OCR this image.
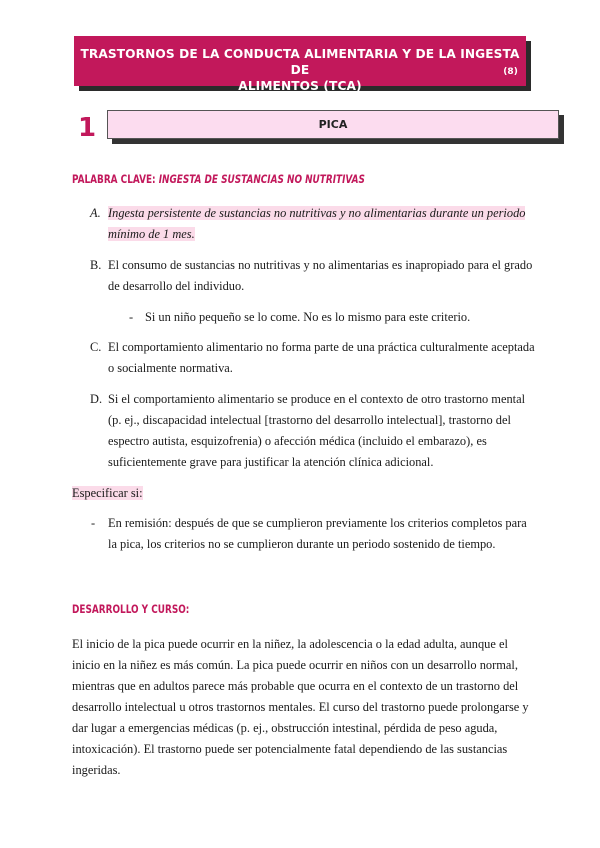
TRASTORNOS DE LA CONDUCTA ALIMENTARIA Y DE LA INGESTA DE
ALIMENTOS (TCA)
(8)
1	PICA
PALABRA CLAVE: INGESTA DE SUSTANCIAS NO NUTRITIVAS
A. Ingesta persistente de sustancias no nutritivas y no alimentarias durante un periodo
mínimo de 1 mes.
B. El consumo de sustancias no nutritivas y no alimentarias es inapropiado para el grado
de desarrollo del individuo.
- Si un niño pequeño se lo come. No es lo mismo para este criterio.
C. El comportamiento alimentario no forma parte de una práctica culturalmente aceptada
o socialmente normativa.
D. Si el comportamiento alimentario se produce en el contexto de otro trastorno mental
(p. ej., discapacidad intelectual [trastorno del desarrollo intelectual], trastorno del
espectro autista, esquizofrenia) o afección médica (incluido el embarazo), es
suficientemente grave para justificar la atención clínica adicional.
Especificar si:
- En remisión: después de que se cumplieron previamente los criterios completos para
la pica, los criterios no se cumplieron durante un periodo sostenido de tiempo.
DESARROLLO Y CURSO:
El inicio de la pica puede ocurrir en la niñez, la adolescencia o la edad adulta, aunque el
inicio en la niñez es más común. La pica puede ocurrir en niños con un desarrollo normal,
mientras que en adultos parece más probable que ocurra en el contexto de un trastorno del
desarrollo intelectual u otros trastornos mentales. El curso del trastorno puede prolongarse y
dar lugar a emergencias médicas (p. ej., obstrucción intestinal, pérdida de peso aguda,
intoxicación). El trastorno puede ser potencialmente fatal dependiendo de las sustancias
ingeridas.
